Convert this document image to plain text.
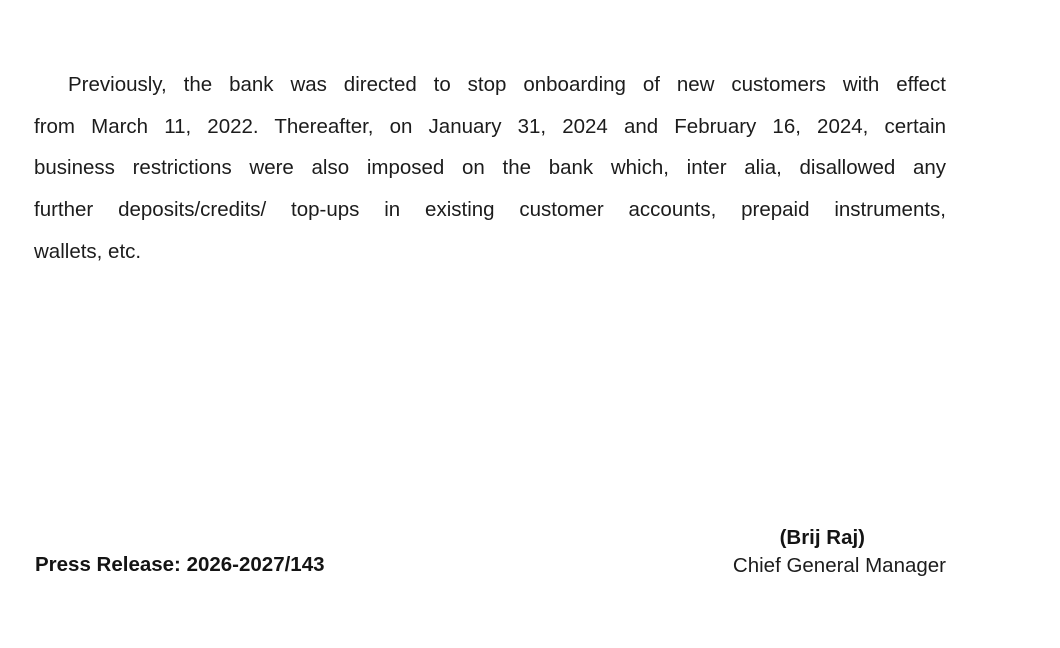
Previously, the bank was directed to stop onboarding of new customers with effect
from March 11, 2022. Thereafter, on January 31, 2024 and February 16, 2024, certain
business restrictions were also imposed on the bank which, inter alia, disallowed any
further deposits/credits/ top-ups in existing customer accounts, prepaid instruments,
wallets, etc.

Press Release: 2026-2027/143

(Brij Raj)
Chief General Manager
